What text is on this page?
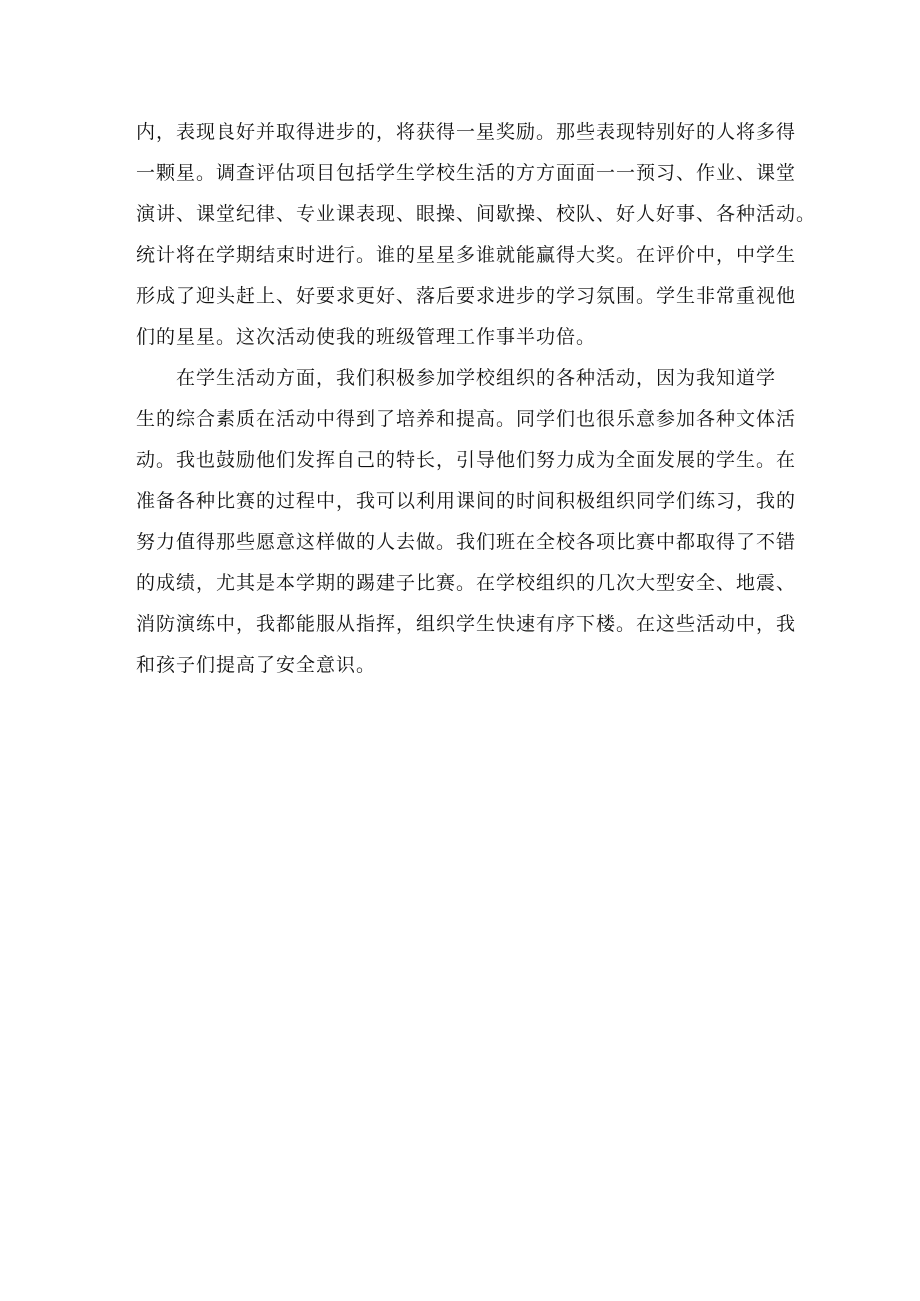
内，表现良好并取得进步的，将获得一星奖励。那些表现特别好的人将多得
一颗星。调查评估项目包括学生学校生活的方方面面一一预习、作业、课堂
演讲、课堂纪律、专业课表现、眼操、间歇操、校队、好人好事、各种活动。
统计将在学期结束时进行。谁的星星多谁就能赢得大奖。在评价中，中学生
形成了迎头赶上、好要求更好、落后要求进步的学习氛围。学生非常重视他
们的星星。这次活动使我的班级管理工作事半功倍。
在学生活动方面，我们积极参加学校组织的各种活动，因为我知道学
生的综合素质在活动中得到了培养和提高。同学们也很乐意参加各种文体活
动。我也鼓励他们发挥自己的特长，引导他们努力成为全面发展的学生。在
准备各种比赛的过程中，我可以利用课间的时间积极组织同学们练习，我的
努力值得那些愿意这样做的人去做。我们班在全校各项比赛中都取得了不错
的成绩，尤其是本学期的踢建子比赛。在学校组织的几次大型安全、地震、
消防演练中，我都能服从指挥，组织学生快速有序下楼。在这些活动中，我
和孩子们提高了安全意识。
